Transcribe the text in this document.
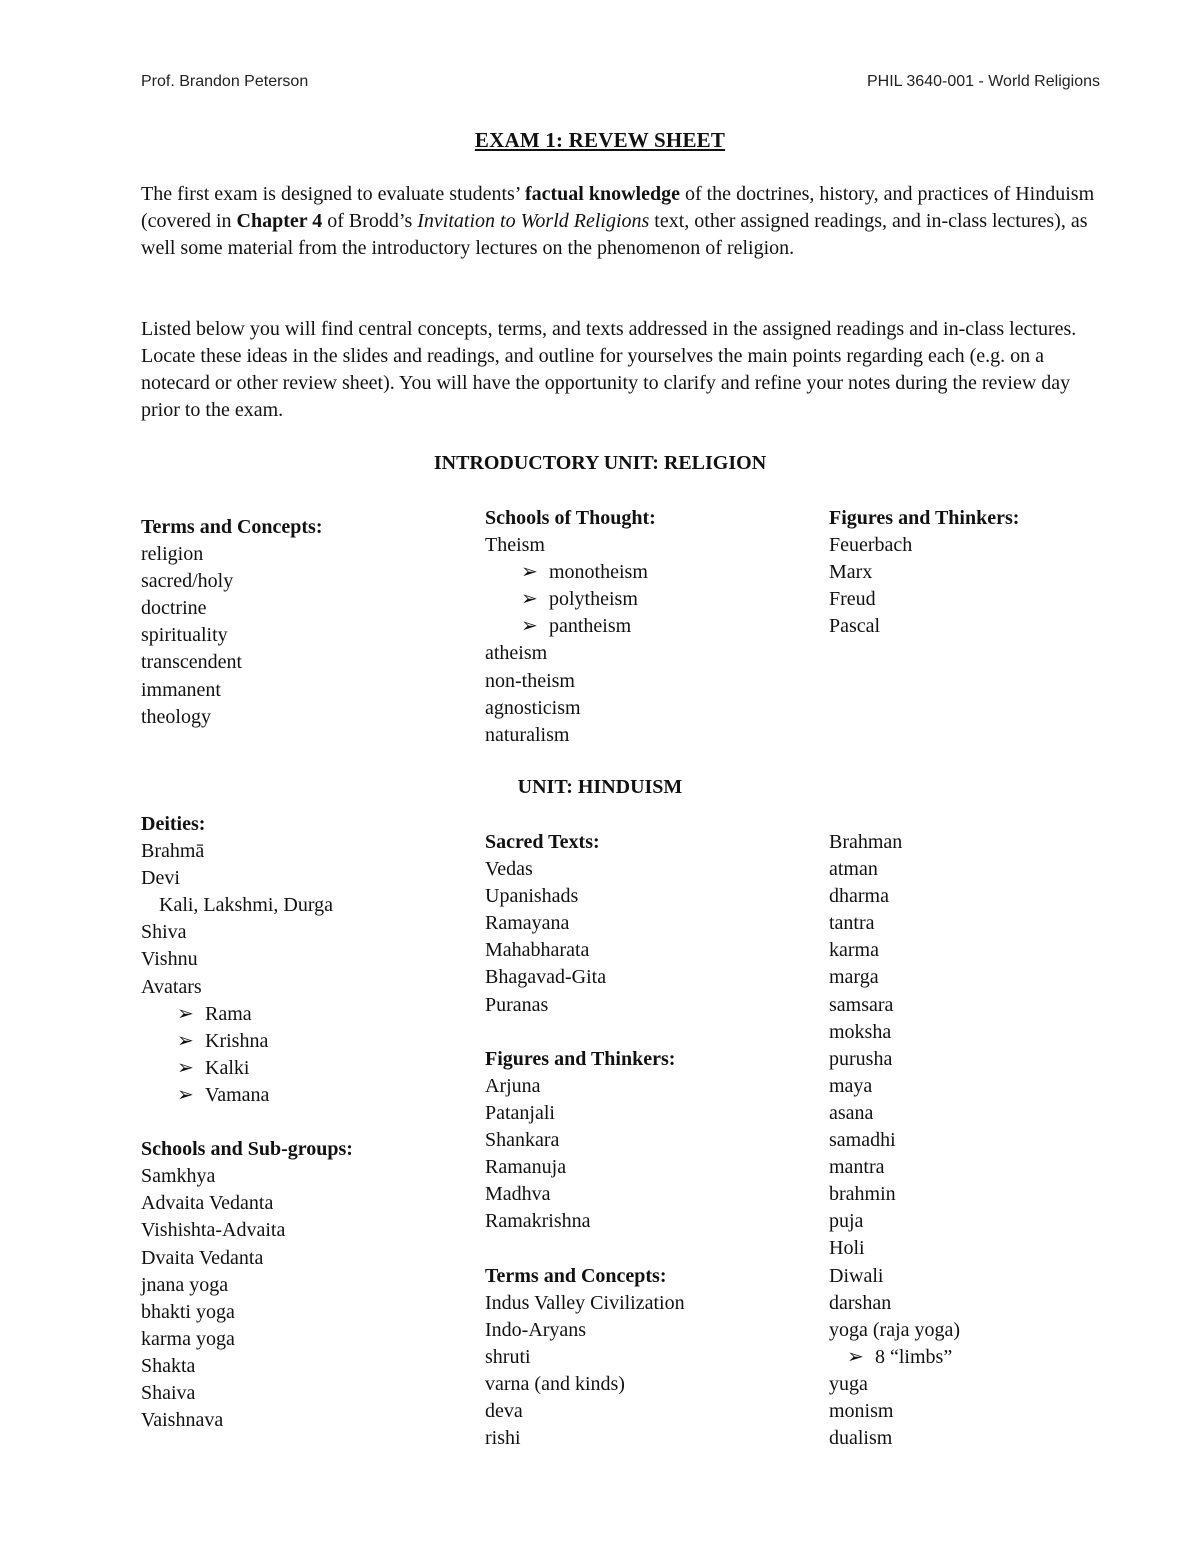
Prof. Brandon Peterson	PHIL 3640-001 - World Religions
EXAM 1: REVEW SHEET

The first exam is designed to evaluate students’ factual knowledge of the doctrines, history, and practices of Hinduism (covered in Chapter 4 of Brodd’s Invitation to World Religions text, other assigned readings, and in-class lectures), as well some material from the introductory lectures on the phenomenon of religion.

Listed below you will find central concepts, terms, and texts addressed in the assigned readings and in-class lectures. Locate these ideas in the slides and readings, and outline for yourselves the main points regarding each (e.g. on a notecard or other review sheet). You will have the opportunity to clarify and refine your notes during the review day prior to the exam.

INTRODUCTORY UNIT: RELIGION
Terms and Concepts:
religion
sacred/holy
doctrine
spirituality
transcendent
immanent
theology
Schools of Thought:
Theism
➢ monotheism
➢ polytheism
➢ pantheism
atheism
non-theism
agnosticism
naturalism
Figures and Thinkers:
Feuerbach
Marx
Freud
Pascal
UNIT: HINDUISM
Deities:
Brahmā
Devi
Kali, Lakshmi, Durga
Shiva
Vishnu
Avatars
➢ Rama
➢ Krishna
➢ Kalki
➢ Vamana
Schools and Sub-groups:
Samkhya
Advaita Vedanta
Vishishta-Advaita
Dvaita Vedanta
jnana yoga
bhakti yoga
karma yoga
Shakta
Shaiva
Vaishnava
Sacred Texts:
Vedas
Upanishads
Ramayana
Mahabharata
Bhagavad-Gita
Puranas
Figures and Thinkers:
Arjuna
Patanjali
Shankara
Ramanuja
Madhva
Ramakrishna
Terms and Concepts:
Indus Valley Civilization
Indo-Aryans
shruti
varna (and kinds)
deva
rishi
Brahman
atman
dharma
tantra
karma
marga
samsara
moksha
purusha
maya
asana
samadhi
mantra
brahmin
puja
Holi
Diwali
darshan
yoga (raja yoga)
➢ 8 “limbs”
yuga
monism
dualism
